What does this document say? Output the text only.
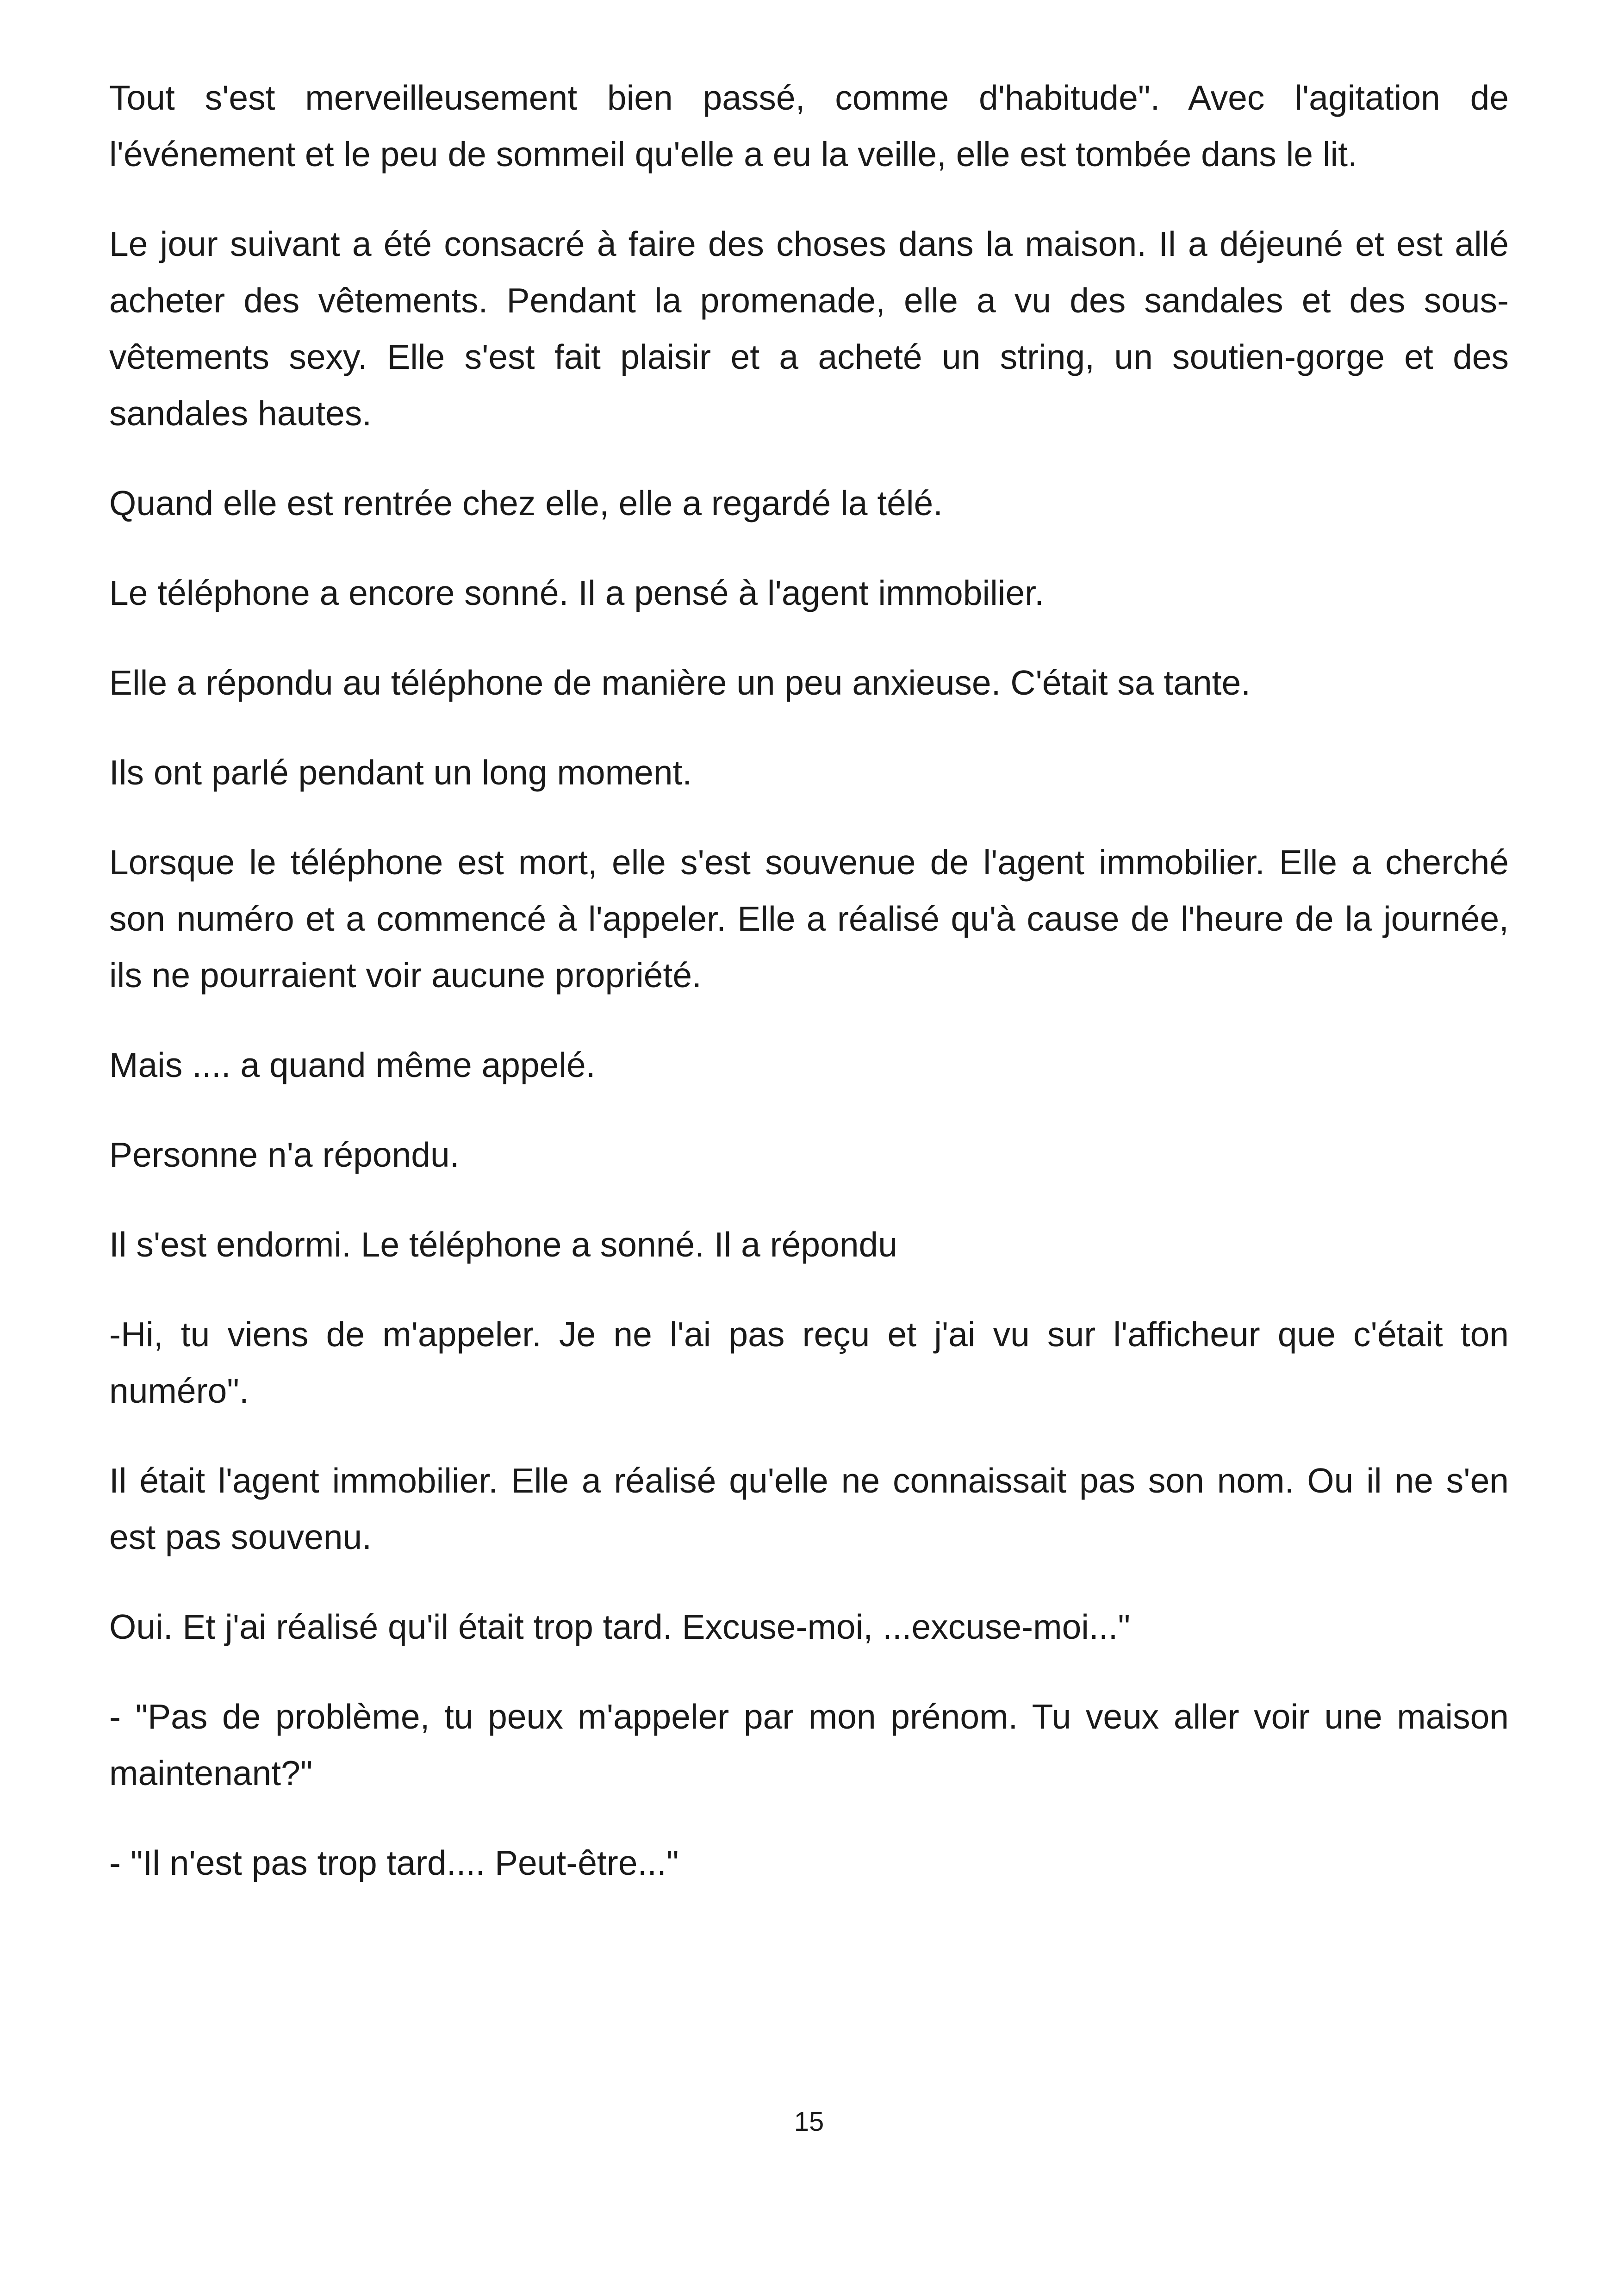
Tout s'est merveilleusement bien passé, comme d'habitude". Avec l'agitation de l'événement et le peu de sommeil qu'elle a eu la veille, elle est tombée dans le lit.

Le jour suivant a été consacré à faire des choses dans la maison. Il a déjeuné et est allé acheter des vêtements. Pendant la promenade, elle a vu des sandales et des sous-vêtements sexy. Elle s'est fait plaisir et a acheté un string, un soutien-gorge et des sandales hautes.

Quand elle est rentrée chez elle, elle a regardé la télé.

Le téléphone a encore sonné. Il a pensé à l'agent immobilier.

Elle a répondu au téléphone de manière un peu anxieuse. C'était sa tante.

Ils ont parlé pendant un long moment.

Lorsque le téléphone est mort, elle s'est souvenue de l'agent immobilier. Elle a cherché son numéro et a commencé à l'appeler. Elle a réalisé qu'à cause de l'heure de la journée, ils ne pourraient voir aucune propriété.

Mais .... a quand même appelé.

Personne n'a répondu.

Il s'est endormi. Le téléphone a sonné. Il a répondu

-Hi, tu viens de m'appeler. Je ne l'ai pas reçu et j'ai vu sur l'afficheur que c'était ton numéro".

Il était l'agent immobilier. Elle a réalisé qu'elle ne connaissait pas son nom. Ou il ne s'en est pas souvenu.

Oui. Et j'ai réalisé qu'il était trop tard. Excuse-moi, ...excuse-moi..."

- "Pas de problème, tu peux m'appeler par mon prénom. Tu veux aller voir une maison maintenant?"

- "Il n'est pas trop tard.... Peut-être..."

15
